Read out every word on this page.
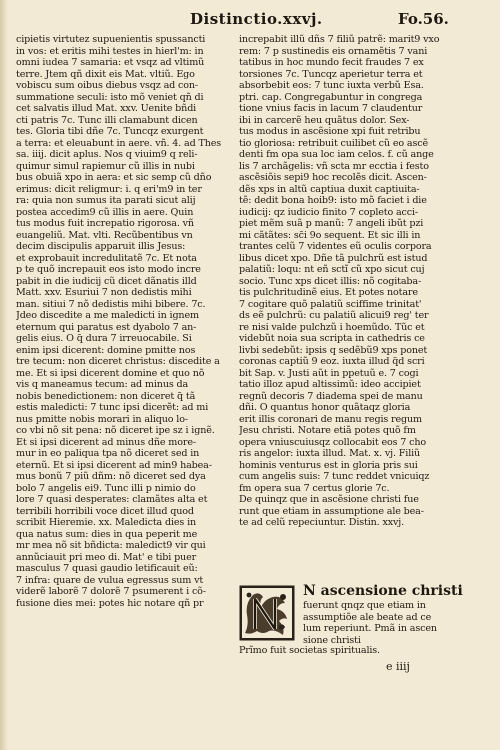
Distinctio.xxvj.	Fo.56.
cipietis virtutez supuenientis spussancti
in vos: et eritis mihi testes in hierl'm: in
omni iudea 7 samaria: et vsqz ad vltimũ
terre. Jtem qñ dixit eis Mat. vltiũ. Ego
vobiscu sum oibus diebus vsqz ad con-
summatione seculi: isto mõ veniet qñ di
cet salvatis illud Mat. xxv. Uenite bñdi
cti patris 7c. Tunc illi clamabunt dicen
tes. Gloria tibi dñe 7c. Tuncqz exurgent
a terra: et eleuabunt in aere. vñ. 4. ad Thes
sa. iiij. dicit aplus. Nos q viuim9 q reli-
quimur simul rapiemur cũ illis in nubi
bus obuiã xpo in aera: et sic semp cũ dño
erimus: dicit religmur: i. q eri'm9 in ter
ra: quia non sumus ita parati sicut alij
postea accedim9 cũ illis in aere. Quin
tus modus fuit increpatio rigorosa. vñ
euangeliũ. Mat. vlti. Recũbentibus vn
decim discipulis apparuit illis Jesus:
et exprobauit incredulitatẽ 7c. Et nota
p te quõ increpauit eos isto modo incre
pabit in die iudicij cũ dicet dãnatis illd
Matt. xxv. Esuriui 7 non dedistis mihi
man. sitiui 7 nõ dedistis mihi bibere. 7c.
Jdeo discedite a me maledicti in ignem
eternum qui paratus est dyabolo 7 an-
gelis eius. O q̃ dura 7 irreuocabile. Si
enim ipsi dicerent: domine pmitte nos
tre tecum: non diceret christus: discedite a
me. Et si ipsi dicerent domine et quo nõ
vis q maneamus tecum: ad minus da
nobis benedictionem: non diceret q̃ tã
estis maledicti: 7 tunc ipsi dicerẽt: ad mi
nus pmitte nobis morari in aliquo lo-
co vbi nõ sit pena: nõ diceret ipe sz i ignẽ.
Et si ipsi dicerent ad minus dñe more-
mur in eo paliqua tpa nõ diceret sed in
eternũ. Et si ipsi dicerent ad min9 habea-
mus bonũ 7 piũ dñm: nõ diceret sed dya
bolo 7 angelis ei9. Tunc illi p nimio do
lore 7 quasi desperates: clamãtes alta et
terribili horribili voce dicet illud quod
scribit Hieremie. xx. Maledicta dies in
qua natus sum: dies in qua peperit me
mr mea nõ sit bñdicta: maledict9 vir qui
annũciauit pri meo di. Mat' e tibi puer
masculus 7 quasi gaudio letificauit eũ:
7 infra: quare de vulua egressus sum vt
viderẽ laborẽ 7 dolorẽ 7 psumerent i cõ-
fusione dies mei: potes hic notare qñ pr
increpabit illũ dñs 7 filiũ patrẽ: marit9 vxo
rem: 7 p sustinedis eis ornamẽtis 7 vani
tatibus in hoc mundo fecit fraudes 7 ex
torsiones 7c. Tuncqz aperietur terra et
absorbebit eos: 7 tunc iuxta verbũ Esa.
ptri. cap. Congregabuntur in congrega
tione vnius facis in lacum 7 claudentur
ibi in carcerẽ heu quãtus dolor. Sex-
tus modus in ascẽsione xpi fuit retribu
tio gloriosa: retribuit cuilibet cũ eo ascẽ
denti fm opa sua loc iam celos. f. cũ ange
lis 7 archãgelis: vñ scta mr ecctia i festo
ascẽsiõis sepi9 hoc recolẽs dicit. Ascen-
dẽs xps in altũ captiua duxit captiuita-
tẽ: dedit bona hoib9: isto mõ faciet i die
iudicij: qz iudicio finito 7 copleto acci-
piet mẽm suã p manũ: 7 angeli ibũt pzi
mi cãtãtes: sc̃i 9o sequent. Et sic illi in
trantes celũ 7 videntes eũ oculis corpora
libus dicet xpo. Dñe tã pulchrũ est istud
palatiũ: loqu: nt eñ sctĩ cũ xpo sicut cuj
socio. Tunc xps dicet illis: nõ cogitaba-
tis pulchritudinẽ eius. Et potes notare
7 cogitare quõ palatiũ sciffime trinitat'
ds eẽ pulchrũ: cu palatiũ alicui9 reg' ter
re nisi valde pulchzũ i hoemũdo. Tũc et
videbũt noia sua scripta in cathedris ce
livbi sedebũt: ipsis q sedẽbũ9 xps ponet
coronas captiũ 9 eoz. iuxta illud q̃d scri
bit Sap. v. Justi aũt in ppetuũ e. 7 cogi
tatio illoz apud altissimũ: ideo accipiet
regnũ decoris 7 diadema spei de manu
dñi. O quantus honor quãtaqz gloria
erit illis coronari de manu regis regum
Jesu christi. Notare etiã potes quõ fm
opera vniuscuiusqz collocabit eos 7 cho
ris angelor: iuxta illud. Mat. x. vj. Filiũ
hominis venturus est in gloria pris sui
cum angelis suis: 7 tunc reddet vnicuiqz
fm opera sua 7 certus glorie 7c.
De quinqz que in ascẽsione christi fue
runt que etiam in assumptione ale bea-
te ad celũ repeciuntur. Distin. xxvj.
N ascensione christi
fuerunt qnqz que etiam in
assumptiõe ale beate ad ce
lum reperiunt. Pmã in ascen
sione christi
Prĩmo fuit societas spiritualis.
e iiij
